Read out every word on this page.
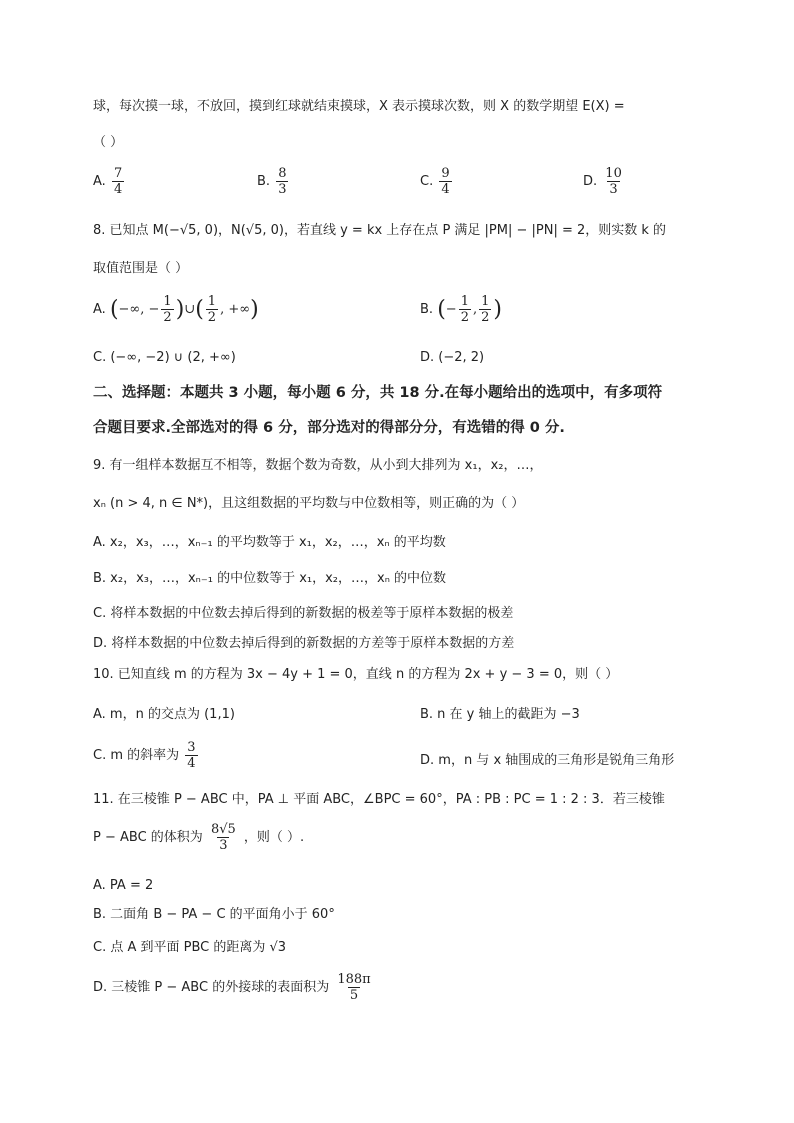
球，每次摸一球，不放回，摸到红球就结束摸球，X 表示摸球次数，则 X 的数学期望 E(X) =
（ ）
A. $\frac{7}{4}$	B. $\frac{8}{3}$	C. $\frac{9}{4}$	D. $\frac{10}{3}$
8. 已知点 M(−√5, 0)，N(√5, 0)，若直线 y = kx 上存在点 P 满足 |PM| − |PN| = 2，则实数 k 的
取值范围是（ ）
A. (−∞, − $\frac{1}{2}$ )∪( $\frac{1}{2}$ , +∞)	B. (− $\frac{1}{2}$ , $\frac{1}{2}$ )
C. (−∞, −2) ∪ (2, +∞)	D. (−2, 2)
二、选择题：本题共 3 小题，每小题 6 分，共 18 分.在每小题给出的选项中，有多项符
合题目要求.全部选对的得 6 分，部分选对的得部分分，有选错的得 0 分.
9. 有一组样本数据互不相等，数据个数为奇数，从小到大排列为 x₁，x₂，…，
xₙ (n > 4, n ∈ N*)，且这组数据的平均数与中位数相等，则正确的为（ ）
A. x₂，x₃，…，xₙ₋₁ 的平均数等于 x₁，x₂，…，xₙ 的平均数
B. x₂，x₃，…，xₙ₋₁ 的中位数等于 x₁，x₂，…，xₙ 的中位数
C. 将样本数据的中位数去掉后得到的新数据的极差等于原样本数据的极差
D. 将样本数据的中位数去掉后得到的新数据的方差等于原样本数据的方差
10. 已知直线 m 的方程为 3x − 4y + 1 = 0，直线 n 的方程为 2x + y − 3 = 0，则（ ）
A. m，n 的交点为 (1,1)	B. n 在 y 轴上的截距为 −3
C. m 的斜率为 $\frac{3}{4}$	D. m，n 与 x 轴围成的三角形是锐角三角形
11. 在三棱锥 P − ABC 中，PA ⊥ 平面 ABC，∠BPC = 60°，PA : PB : PC = 1 : 2 : 3．若三棱锥
P − ABC 的体积为 $\frac{8√5}{3}$ ，则（ ）.
A. PA = 2
B. 二面角 B − PA − C 的平面角小于 60°
C. 点 A 到平面 PBC 的距离为 √3
D. 三棱锥 P − ABC 的外接球的表面积为 $\frac{188\pi}{5}$
